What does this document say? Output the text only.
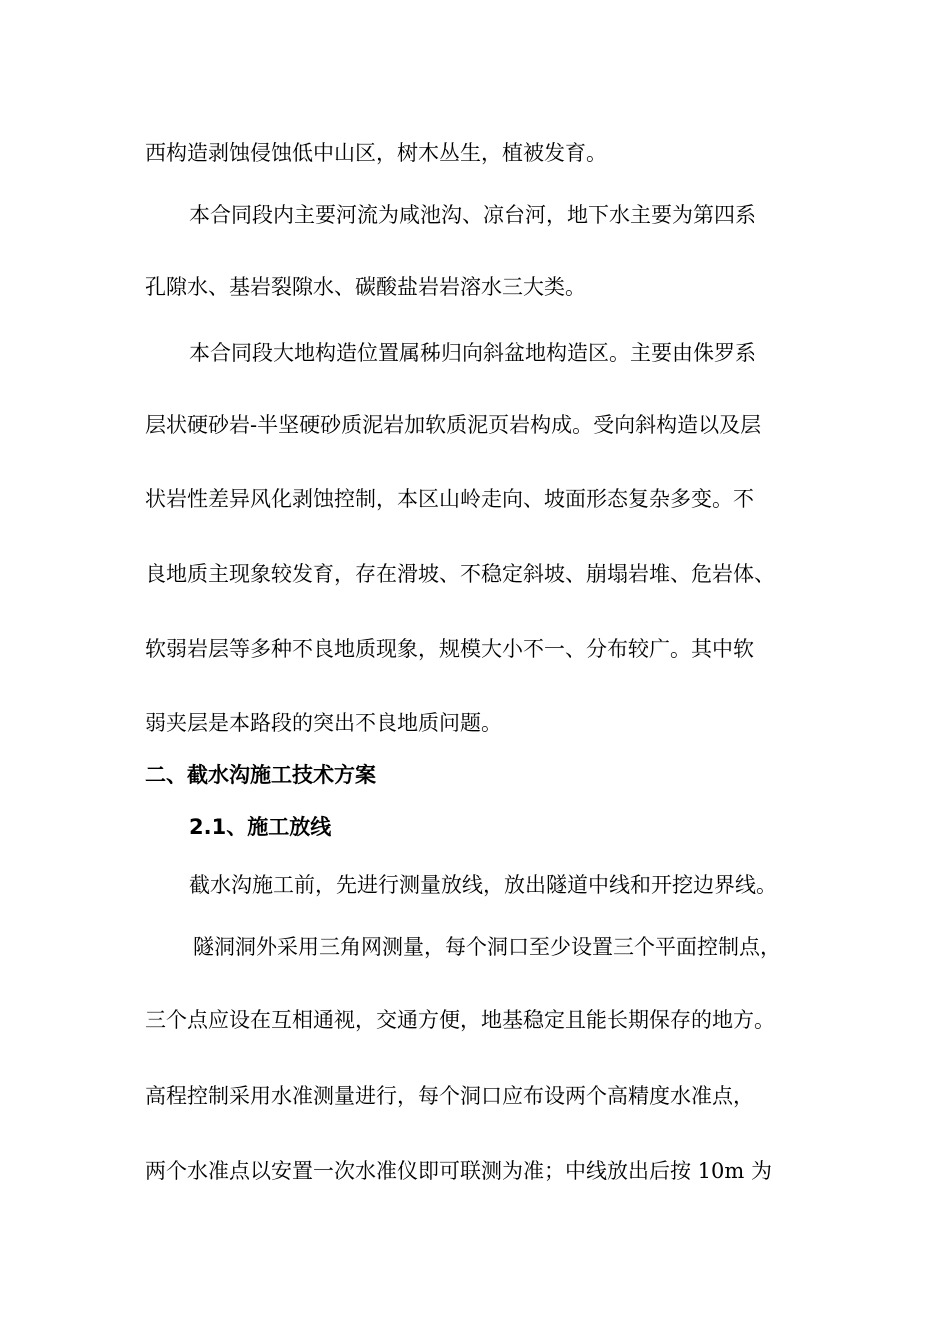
西构造剥蚀侵蚀低中山区，树木丛生，植被发育。
本合同段内主要河流为咸池沟、凉台河，地下水主要为第四系
孔隙水、基岩裂隙水、碳酸盐岩岩溶水三大类。
本合同段大地构造位置属秭归向斜盆地构造区。主要由侏罗系
层状硬砂岩-半坚硬砂质泥岩加软质泥页岩构成。受向斜构造以及层
状岩性差异风化剥蚀控制，本区山岭走向、坡面形态复杂多变。不
良地质主现象较发育，存在滑坡、不稳定斜坡、崩塌岩堆、危岩体、
软弱岩层等多种不良地质现象，规模大小不一、分布较广。其中软
弱夹层是本路段的突出不良地质问题。
二、截水沟施工技术方案
2.1、施工放线
截水沟施工前，先进行测量放线，放出隧道中线和开挖边界线。
隧洞洞外采用三角网测量，每个洞口至少设置三个平面控制点，
三个点应设在互相通视，交通方便，地基稳定且能长期保存的地方。
高程控制采用水准测量进行，每个洞口应布设两个高精度水准点，
两个水准点以安置一次水准仪即可联测为准；中线放出后按 10m 为
